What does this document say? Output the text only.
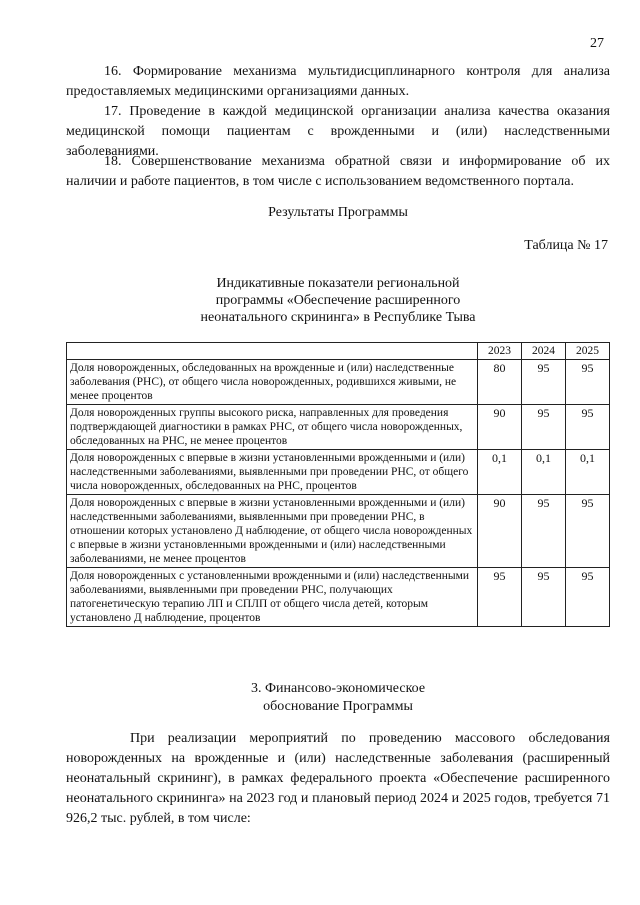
27

16. Формирование механизма мультидисциплинарного контроля для анализа предоставляемых медицинскими организациями данных.

17. Проведение в каждой медицинской организации анализа качества оказания медицинской помощи пациентам с врожденными и (или) наследственными заболеваниями.

18. Совершенствование механизма обратной связи и информирование об их наличии и работе пациентов, в том числе с использованием ведомственного портала.

Результаты Программы

Таблица № 17

Индикативные показатели региональной

программы «Обеспечение расширенного

неонатального скрининга» в Республике Тыва

	2023	2024	2025
Доля новорожденных, обследованных на врожденные и (или) наследственные заболевания (РНС), от общего числа новорожденных, родившихся живыми, не менее процентов	80	95	95
Доля новорожденных группы высокого риска, направленных для проведения подтверждающей диагностики в рамках РНС, от общего числа новорожденных, обследованных на РНС, не менее процентов	90	95	95
Доля новорожденных с впервые в жизни установленными врожденными и (или) наследственными заболеваниями, выявленными при проведении РНС, от общего числа новорожденных, обследованных на РНС, процентов	0,1	0,1	0,1
Доля новорожденных с впервые в жизни установленными врожденными и (или) наследственными заболеваниями, выявленными при проведении РНС, в отношении которых установлено Д наблюдение, от общего числа новорожденных с впервые в жизни установленными врожденными и (или) наследственными заболеваниями, не менее процентов	90	95	95
Доля новорожденных с установленными врожденными и (или) наследственными заболеваниями, выявленными при проведении РНС, получающих патогенетическую терапию ЛП и СПЛП от общего числа детей, которым установлено Д наблюдение, процентов	95	95	95

3. Финансово-экономическое

обоснование Программы

При реализации мероприятий по проведению массового обследования новорожденных на врожденные и (или) наследственные заболевания (расширенный неонатальный скрининг), в рамках федерального проекта «Обеспечение расширенного неонатального скрининга» на 2023 год и плановый период 2024 и 2025 годов, требуется 71 926,2 тыс. рублей, в том числе:
